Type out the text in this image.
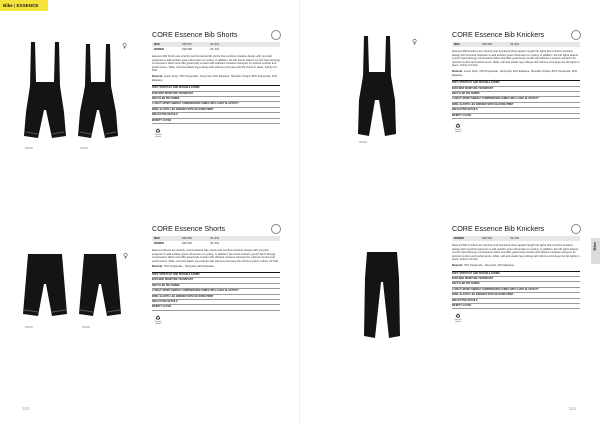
Bike | ESSENCE
Bike
♀
999000	999000
CORE Essence Bib Shorts
MEN	1907157	XS–3XL
WOMEN	1907158	XS–XXL

Essence Bib Shorts are stretchy and functional bib shorts that combine timeless design with recycled polyester to add another green dimension to cycling. In addition, the bib shorts feature Lycra® Sport Energy compression fabric and offer great body contact with sufficient moisture transport for optimal comfort and performance. Wide, soft and elastic leg endings with silicone print keep the bib shorts in place. Infinity C3 Pad

Material: Lower body: 76% Polyamide - Recycled, 22% Elastane. Shoulder Straps: 80% Polyamide, 20% Elastane

SOFT, STRETCHY AND DURABLE FABRIC
EFFICIENT MOISTURE TRANSPORT
RECYCLED POLYAMIDE
LYCRA® SPORT ENERGY COMPRESSION FABRIC WITH 4-WAY ELASTICITY
WIDE, ELASTIC LEG ENDINGS WITH SILICONE PRINT
REFLECTIVE DETAILS
INFINITY C3 PAD
♻
Recycled material
♀
999000
CORE Essence Bib Knickers
MEN	1907158	XS–3XL

Essence Bib Knickers are stretchy and functional three-quarter length bib tights that combine timeless design with recycled polyester to add another green dimension to cycling. In addition, the bib tights feature Lycra® Sport Energy compression fabric and offer great body contact and efficient moisture transport for optimal comfort and performance. Wide, soft and elastic leg endings with silicone print keep the bib tights in place. Infinity C3 Pad

Material: Lower body: 76% Polyamide - Recycled, 22% Elastane. Shoulder Straps: 80% Polyamide, 20% Elastane

SOFT, STRETCHY AND DURABLE FABRIC
EFFICIENT MOISTURE TRANSPORT
RECYCLED POLYAMIDE
LYCRA® SPORT ENERGY COMPRESSION FABRIC WITH 4-WAY ELASTICITY
WIDE, ELASTIC LEG ENDINGS WITH SILICONE PRINT
REFLECTIVE DETAILS
INFINITY C3 PAD
♻
Recycled material
♀
999000	999000
CORE Essence Shorts
MEN	1907156	XS–3XL
WOMEN	1907153	XS–XXL

Essence Shorts are stretchy and functional bike shorts that combine timeless design with recycled polyester to add another green dimension to cycling. In addition, the shorts feature Lycra® Sport Energy compression fabric and offer great body contact with efficient moisture transport for optimal comfort and performance. Wide, soft and elastic leg endings with silicone print keep the shorts in place. Infinity C3 Pad

Material: 76% Polyamide - Recycled, 22% Elastane

SOFT, STRETCHY AND DURABLE FABRIC
EFFICIENT MOISTURE TRANSPORT
RECYCLED POLYAMIDE
LYCRA® SPORT ENERGY COMPRESSION FABRIC WITH 4-WAY ELASTICITY
WIDE, ELASTIC LEG ENDINGS WITH SILICONE PRINT
REFLECTIVE DETAILS
INFINITY C3 PAD
♻
Recycled material
CORE Essence Bib Knickers
WOMEN	1907154	XS–XXL

Essence Bib Knickers are stretchy and functional three-quarter length bib tights that combine timeless design with recycled polyester to add another green dimension to cycling. In addition, the bib tights feature Lycra® Sport Energy compression fabric and offer great body contact and efficient moisture transport for optimal comfort and performance. Wide, soft and elastic leg endings with silicone print keep the bib tights in place. Infinity C3 Pad

Material: 76% Polyamide - Recycled, 22% Elastane

SOFT, STRETCHY AND DURABLE FABRIC
EFFICIENT MOISTURE TRANSPORT
RECYCLED POLYAMIDE
LYCRA® SPORT ENERGY COMPRESSION FABRIC WITH 4-WAY ELASTICITY
WIDE, ELASTIC LEG ENDINGS WITH SILICONE PRINT
REFLECTIVE DETAILS
INFINITY C3 PAD
♻
Recycled material
162	163
